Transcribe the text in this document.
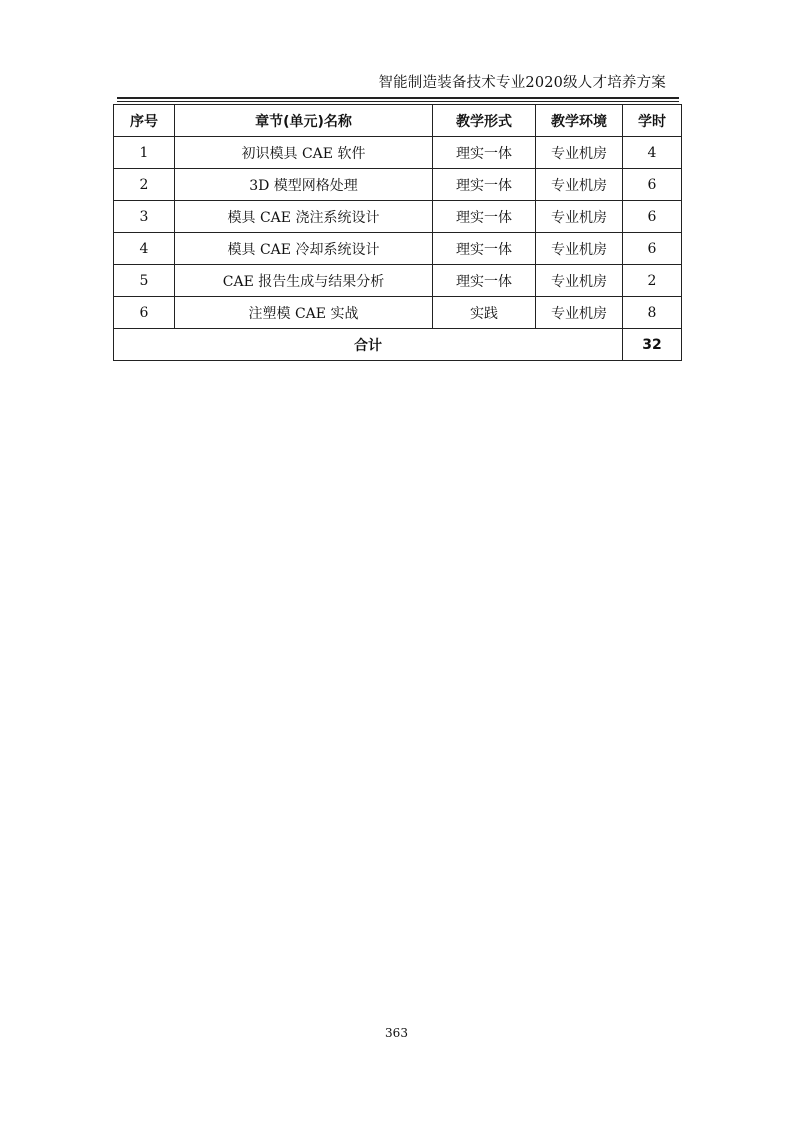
智能制造装备技术专业2020级人才培养方案
序号	章节(单元)名称	教学形式	教学环境	学时
1	初识模具 CAE 软件	理实一体	专业机房	4
2	3D 模型网格处理	理实一体	专业机房	6
3	模具 CAE 浇注系统设计	理实一体	专业机房	6
4	模具 CAE 冷却系统设计	理实一体	专业机房	6
5	CAE 报告生成与结果分析	理实一体	专业机房	2
6	注塑模 CAE 实战	实践	专业机房	8
合计				32
363
